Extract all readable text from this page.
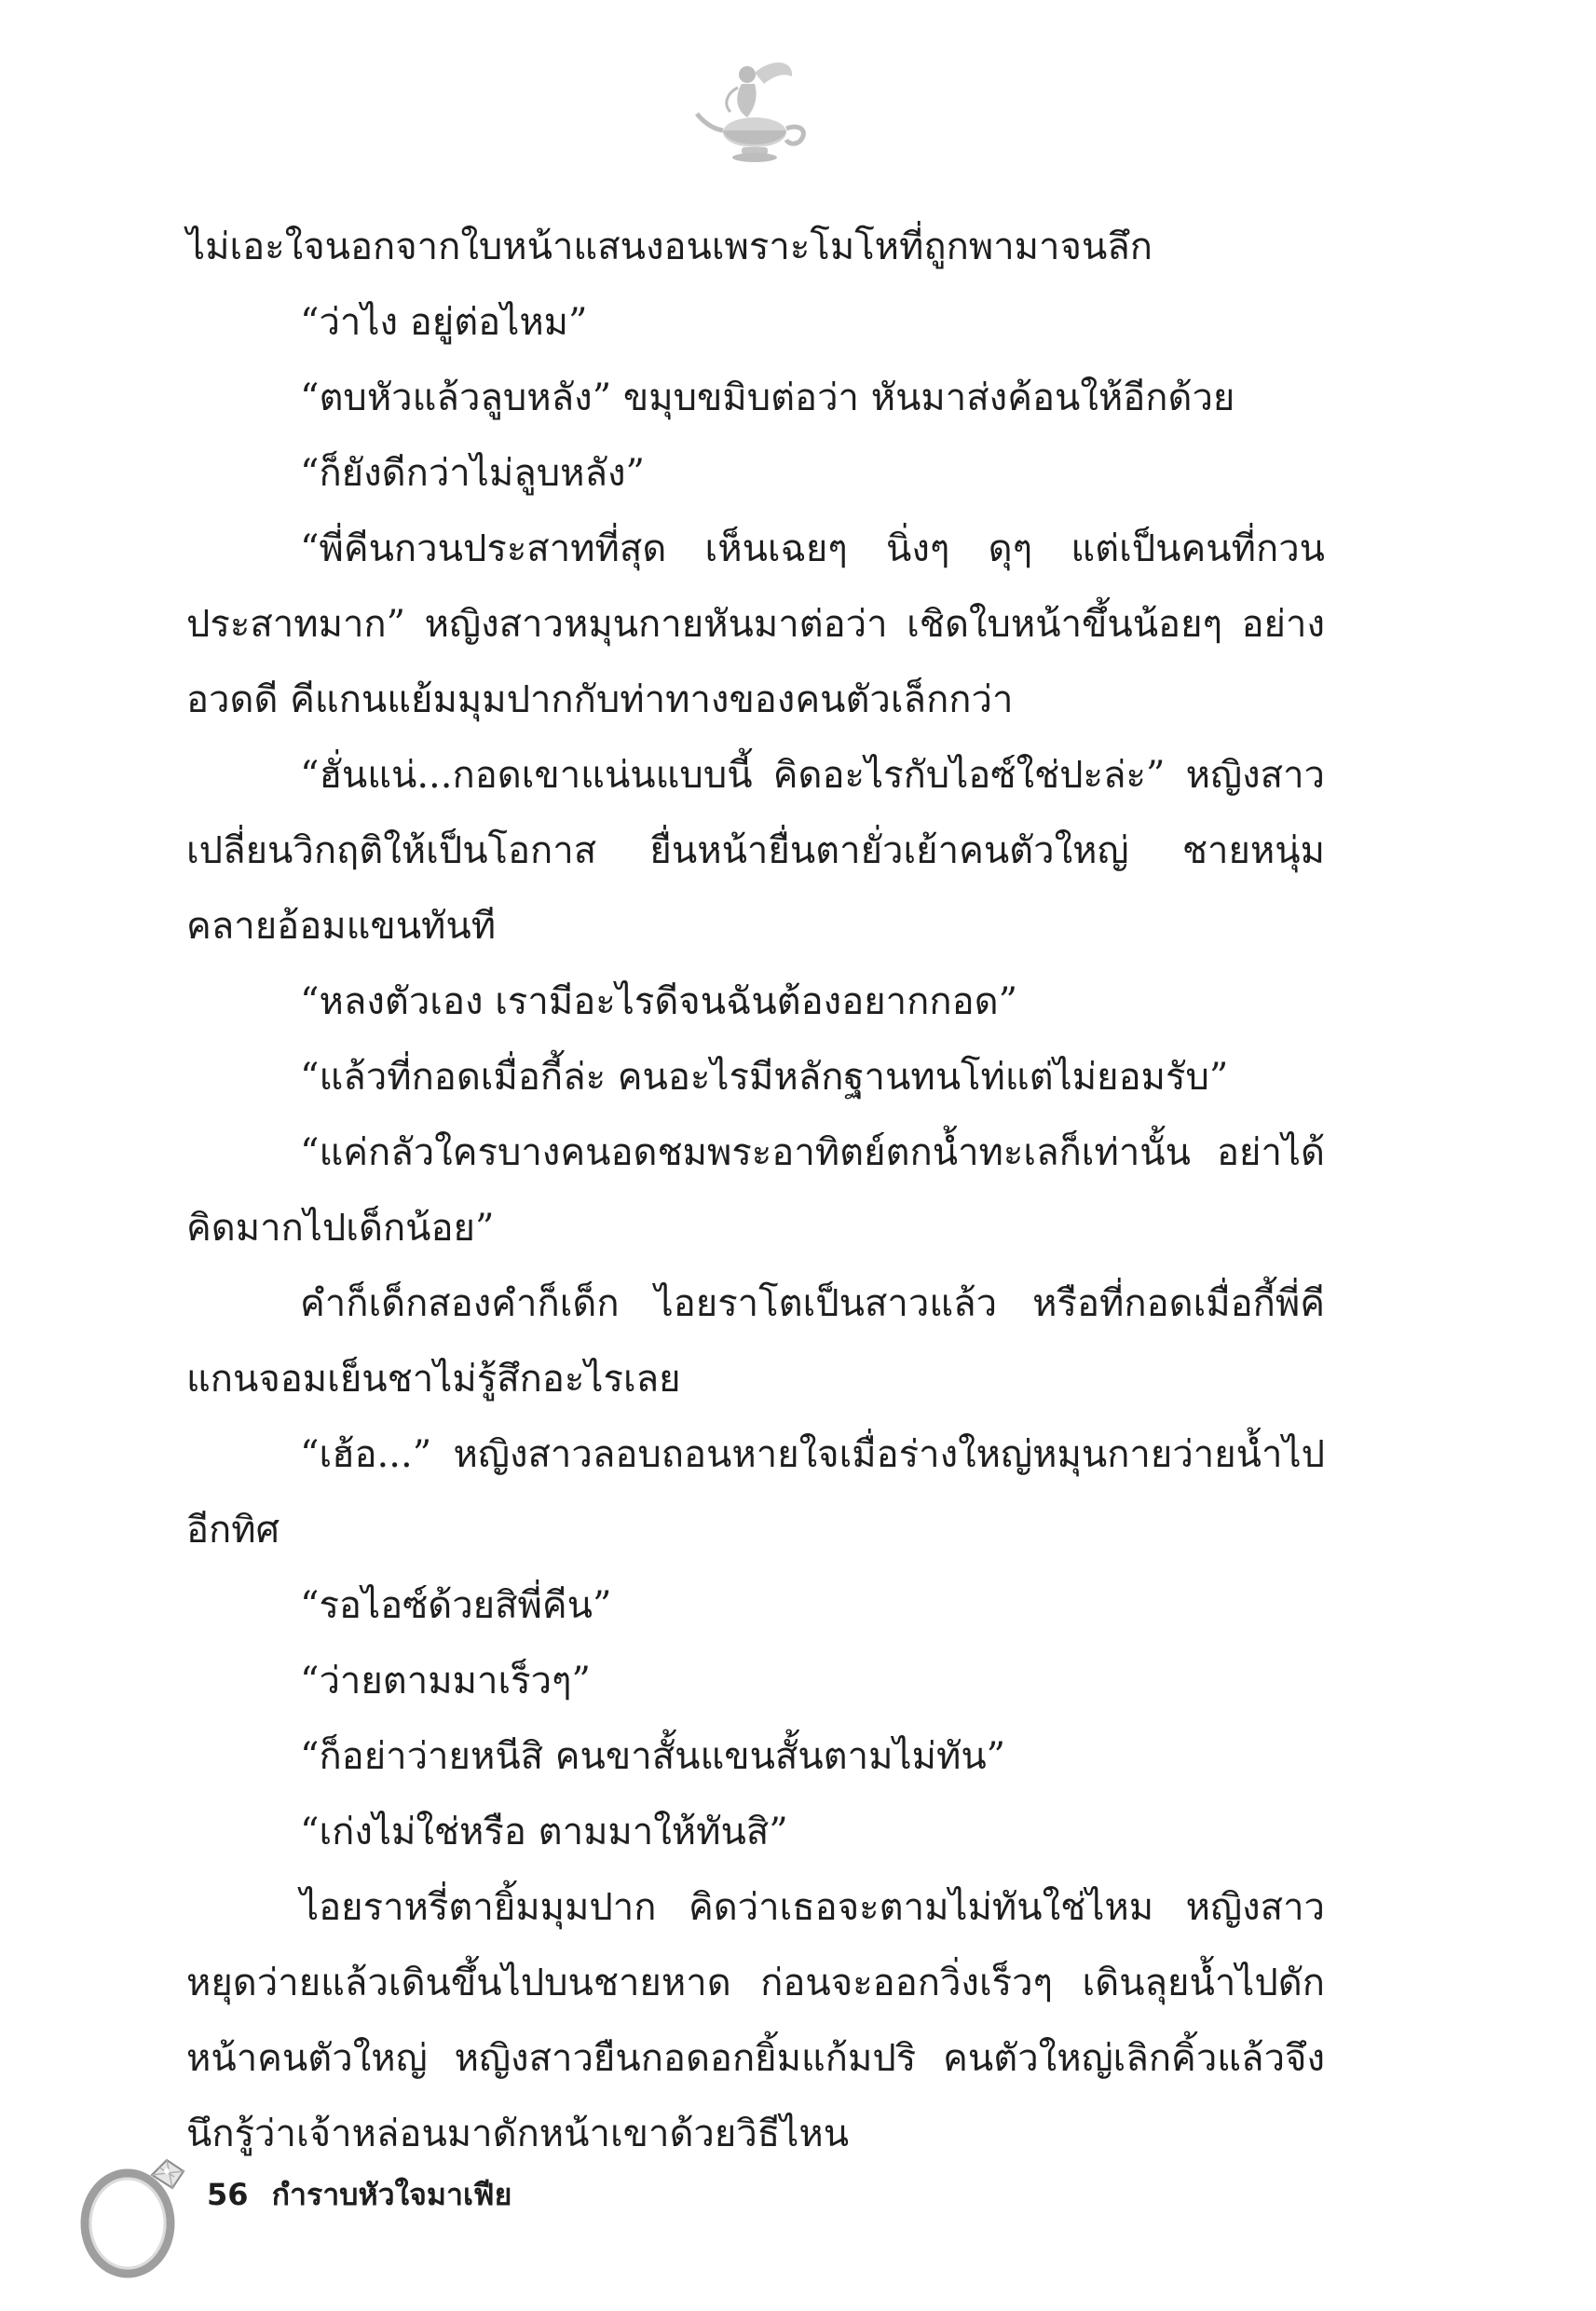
ไม่เอะใจนอกจากใบหน้าแสนงอนเพราะโมโหที่ถูกพามาจนลึก

“ว่าไง อยู่ต่อไหม”

“ตบหัวแล้วลูบหลัง” ขมุบขมิบต่อว่า หันมาส่งค้อนให้อีกด้วย

“ก็ยังดีกว่าไม่ลูบหลัง”

“พี่คีนกวนประสาทที่สุด เห็นเฉยๆ นิ่งๆ ดุๆ แต่เป็นคนที่กวนประสาทมาก” หญิงสาวหมุนกายหันมาต่อว่า เชิดใบหน้าขึ้นน้อยๆ อย่างอวดดี คีแกนแย้มมุมปากกับท่าทางของคนตัวเล็กกว่า

“ฮั่นแน่...กอดเขาแน่นแบบนี้ คิดอะไรกับไอซ์ใช่ปะล่ะ” หญิงสาวเปลี่ยนวิกฤติให้เป็นโอกาส ยื่นหน้ายื่นตายั่วเย้าคนตัวใหญ่ ชายหนุ่มคลายอ้อมแขนทันที

“หลงตัวเอง เรามีอะไรดีจนฉันต้องอยากกอด”

“แล้วที่กอดเมื่อกี้ล่ะ คนอะไรมีหลักฐานทนโท่แต่ไม่ยอมรับ”

“แค่กลัวใครบางคนอดชมพระอาทิตย์ตกน้ำทะเลก็เท่านั้น อย่าได้คิดมากไปเด็กน้อย”

คำก็เด็กสองคำก็เด็ก ไอยราโตเป็นสาวแล้ว หรือที่กอดเมื่อกี้พี่คีแกนจอมเย็นชาไม่รู้สึกอะไรเลย

“เฮ้อ...” หญิงสาวลอบถอนหายใจเมื่อร่างใหญ่หมุนกายว่ายน้ำไปอีกทิศ

“รอไอซ์ด้วยสิพี่คีน”

“ว่ายตามมาเร็วๆ”

“ก็อย่าว่ายหนีสิ คนขาสั้นแขนสั้นตามไม่ทัน”

“เก่งไม่ใช่หรือ ตามมาให้ทันสิ”

ไอยราหรี่ตายิ้มมุมปาก คิดว่าเธอจะตามไม่ทันใช่ไหม หญิงสาวหยุดว่ายแล้วเดินขึ้นไปบนชายหาด ก่อนจะออกวิ่งเร็วๆ เดินลุยน้ำไปดักหน้าคนตัวใหญ่ หญิงสาวยืนกอดอกยิ้มแก้มปริ คนตัวใหญ่เลิกคิ้วแล้วจึงนึกรู้ว่าเจ้าหล่อนมาดักหน้าเขาด้วยวิธีไหน

56 กำราบหัวใจมาเฟีย
